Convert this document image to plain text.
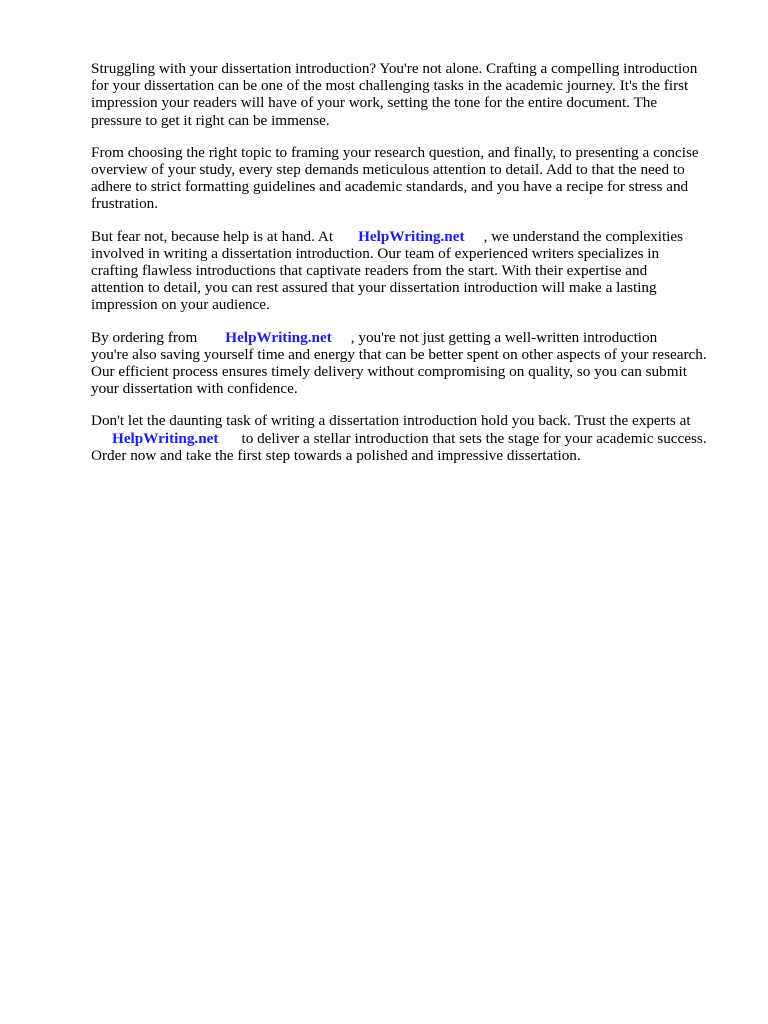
Struggling with your dissertation introduction? You're not alone. Crafting a compelling introduction
for your dissertation can be one of the most challenging tasks in the academic journey. It's the first
impression your readers will have of your work, setting the tone for the entire document. The
pressure to get it right can be immense.

From choosing the right topic to framing your research question, and finally, to presenting a concise
overview of your study, every step demands meticulous attention to detail. Add to that the need to
adhere to strict formatting guidelines and academic standards, and you have a recipe for stress and
frustration.

But fear not, because help is at hand. At HelpWriting.net , we understand the complexities
involved in writing a dissertation introduction. Our team of experienced writers specializes in
crafting flawless introductions that captivate readers from the start. With their expertise and
attention to detail, you can rest assured that your dissertation introduction will make a lasting
impression on your audience.

By ordering from HelpWriting.net , you're not just getting a well-written introduction
you're also saving yourself time and energy that can be better spent on other aspects of your research.
Our efficient process ensures timely delivery without compromising on quality, so you can submit
your dissertation with confidence.

Don't let the daunting task of writing a dissertation introduction hold you back. Trust the experts at
HelpWriting.net to deliver a stellar introduction that sets the stage for your academic success.
Order now and take the first step towards a polished and impressive dissertation.
